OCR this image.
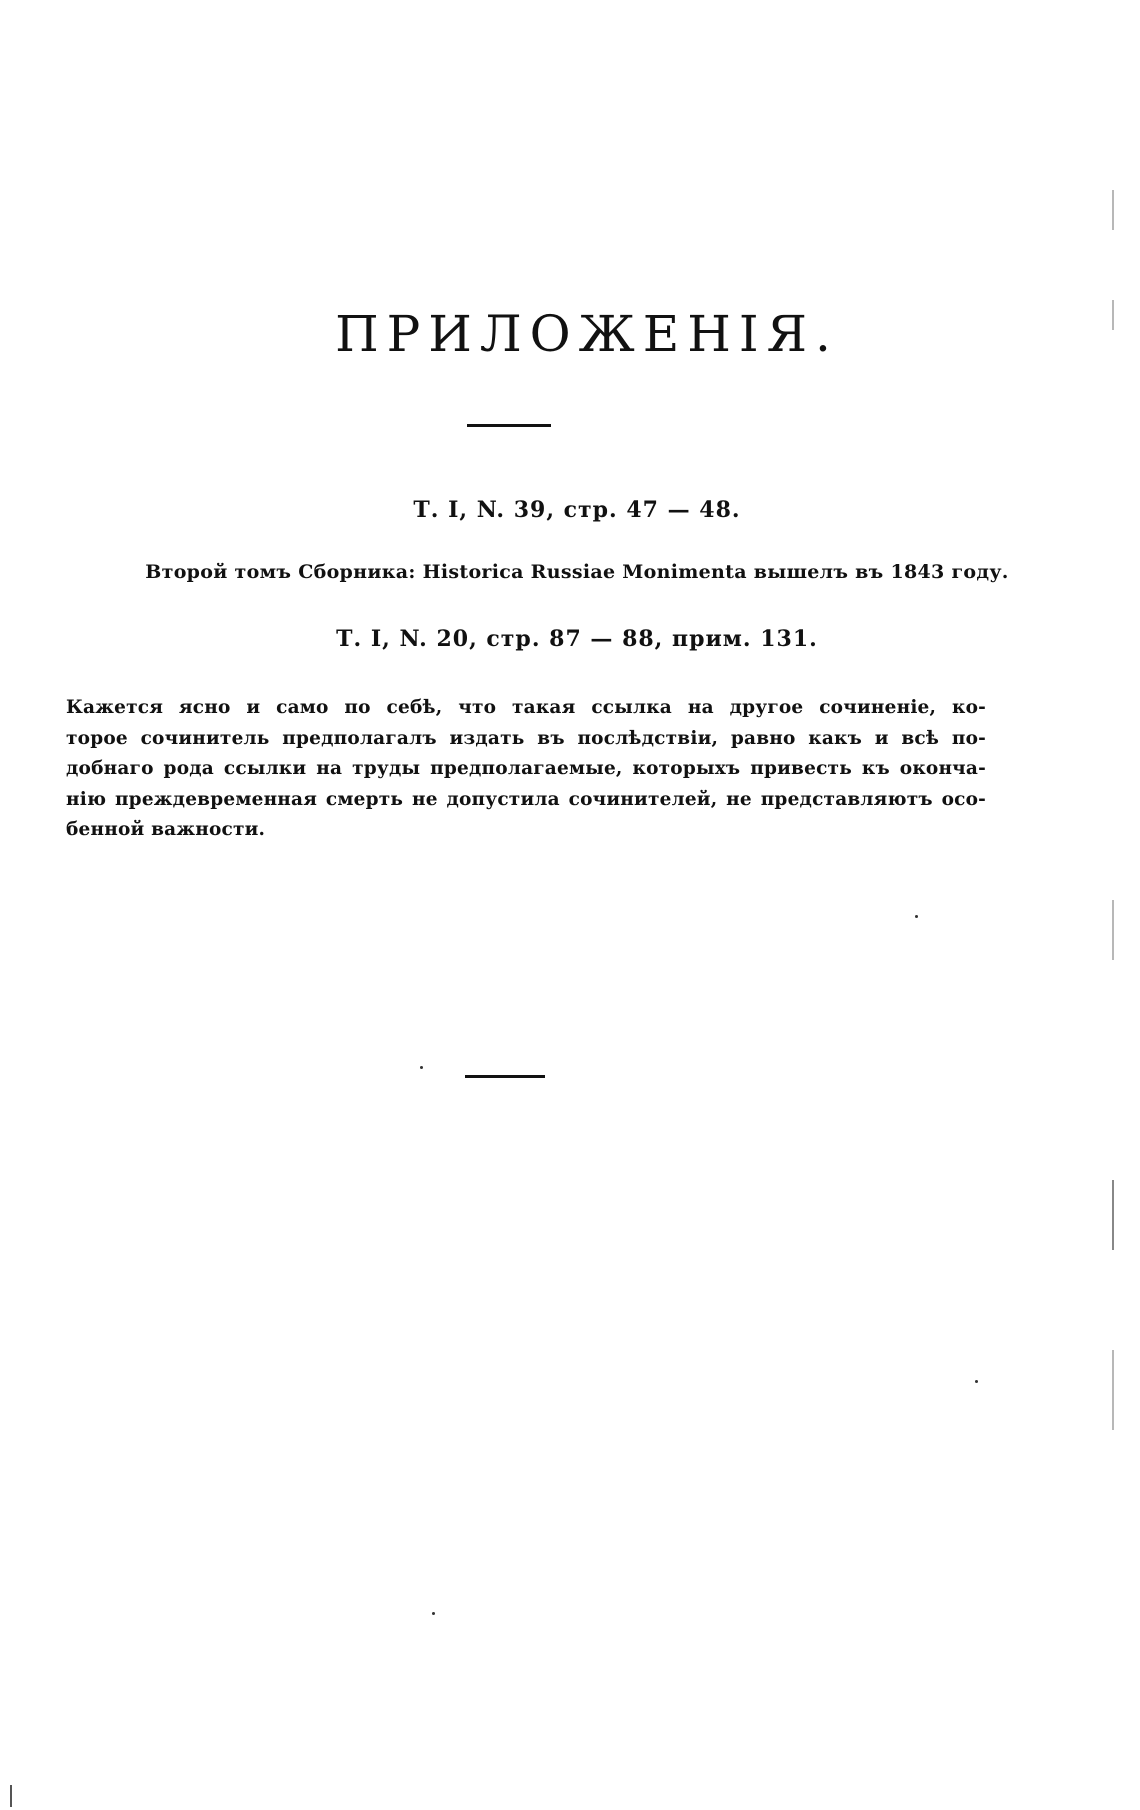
ПРИЛОЖЕНІЯ.
Т. I, N. 39, стр. 47 — 48.
Второй томъ Сборника: Historica Russiae Monimenta вышелъ въ 1843 году.
Т. I, N. 20, стр. 87 — 88, прим. 131.
Кажется ясно и само по себѣ, что такая ссылка на другое сочиненіе, ко-
торое сочинитель предполагалъ издать въ послѣдствіи, равно какъ и всѣ по-
добнаго рода ссылки на труды предполагаемые, которыхъ привесть къ оконча-
нію преждевременная смерть не допустила сочинителей, не представляютъ осо-
бенной важности.
